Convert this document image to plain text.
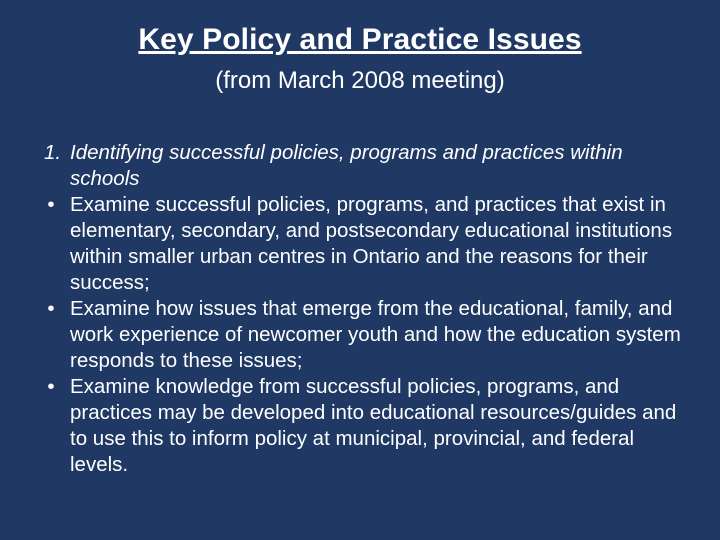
Key Policy and Practice Issues
(from March 2008 meeting)
1. Identifying successful policies, programs and practices within schools
• Examine successful policies, programs, and practices that exist in elementary, secondary, and postsecondary educational institutions within smaller urban centres in Ontario and the reasons for their success;
• Examine how issues that emerge from the educational, family, and work experience of newcomer youth and how the education system responds to these issues;
• Examine knowledge from successful policies, programs, and practices may be developed into educational resources/guides and to use this to inform policy at municipal, provincial, and federal levels.
